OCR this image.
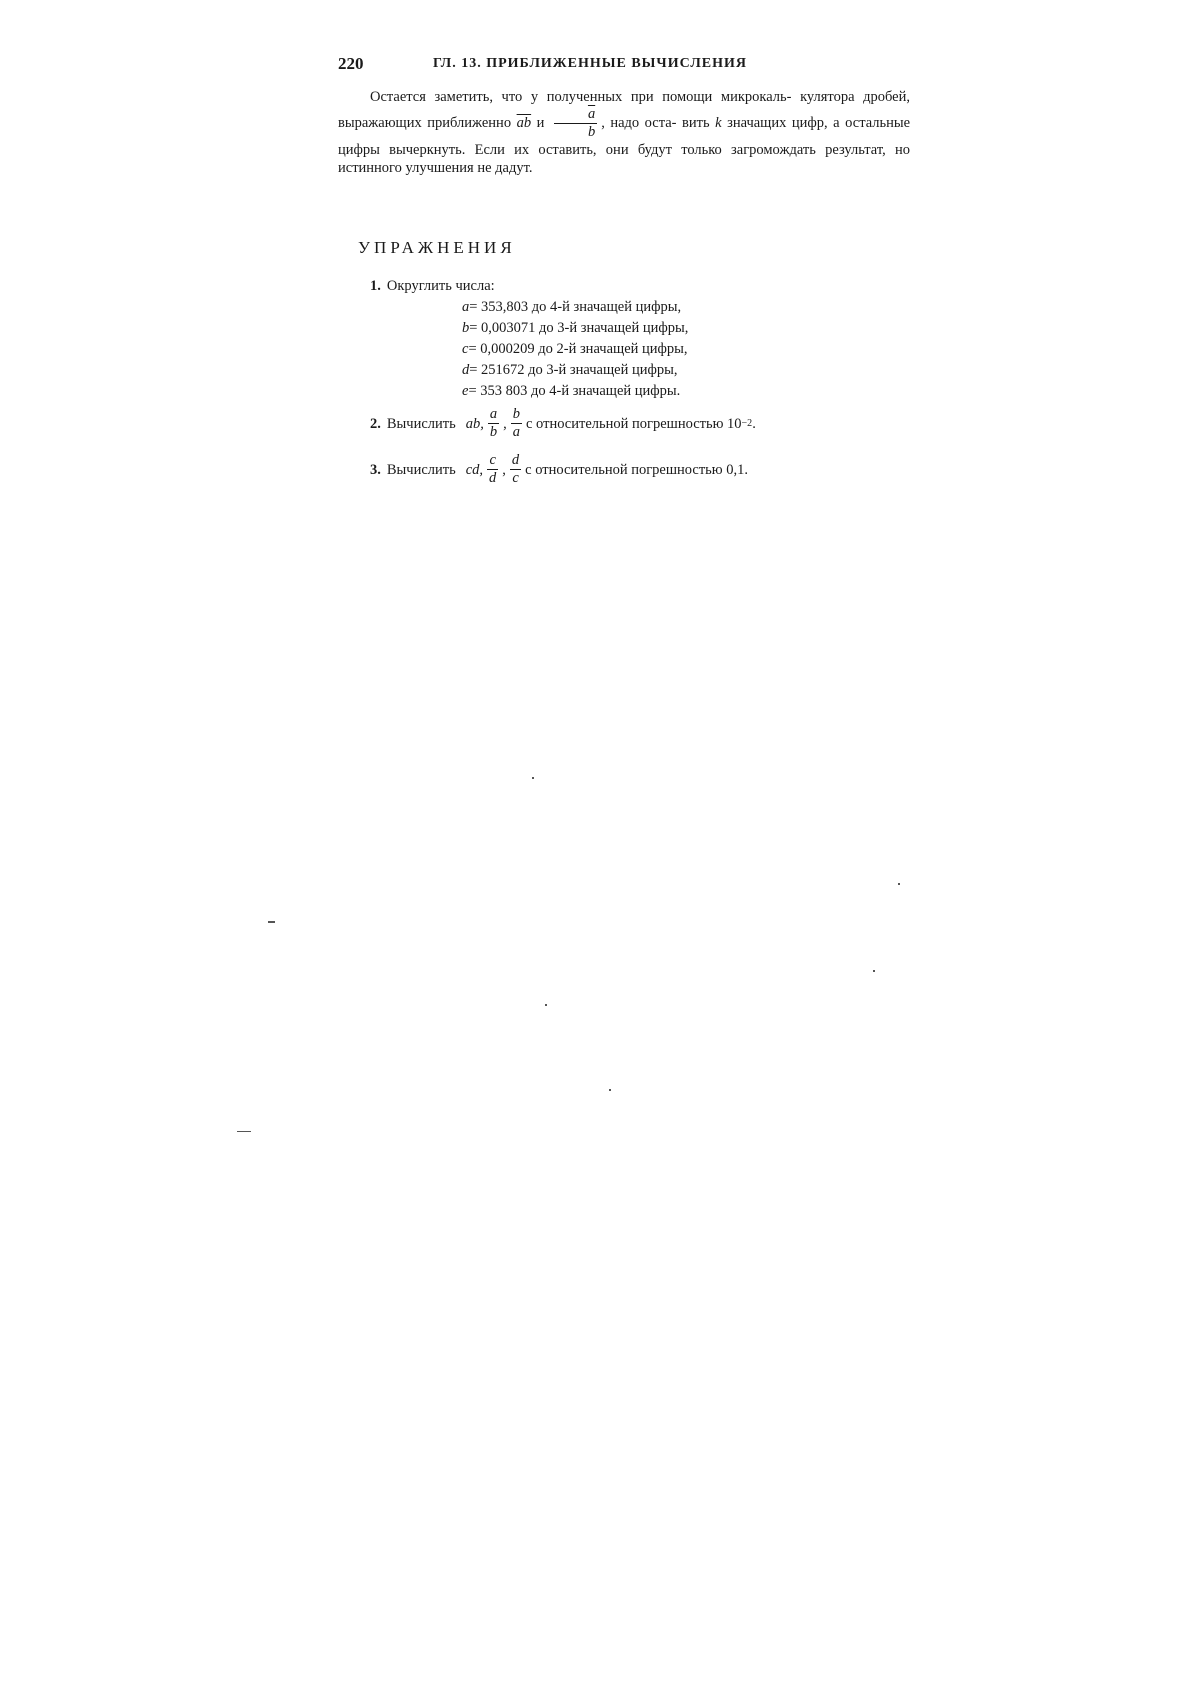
220	ГЛ. 13. ПРИБЛИЖЕННЫЕ ВЫЧИСЛЕНИЯ
Остается заметить, что у полученных при помощи микрокаль- кулятора дробей, выражающих приближенно $\overline{ab}$ и $\frac{\overline{a}}{b}$ , надо оста- вить k значащих цифр, а остальные цифры вычеркнуть. Если их оставить, они будут только загромождать результат, но истинного улучшения не дадут.
УПРАЖНЕНИЯ
1. Округлить числа:
a= 353,803 до 4-й значащей цифры,
b= 0,003071 до 3-й значащей цифры,
c= 0,000209 до 2-й значащей цифры,
d= 251672 до 3-й значащей цифры,
e= 353 803 до 4-й значащей цифры.
2. Вычислить ab, $\frac{a}{b}$ , $\frac{b}{a}$ с относительной погрешностью 10 −2 .
3. Вычислить cd, $\frac{c}{d}$ , $\frac{d}{c}$ с относительной погрешностью 0,1.
